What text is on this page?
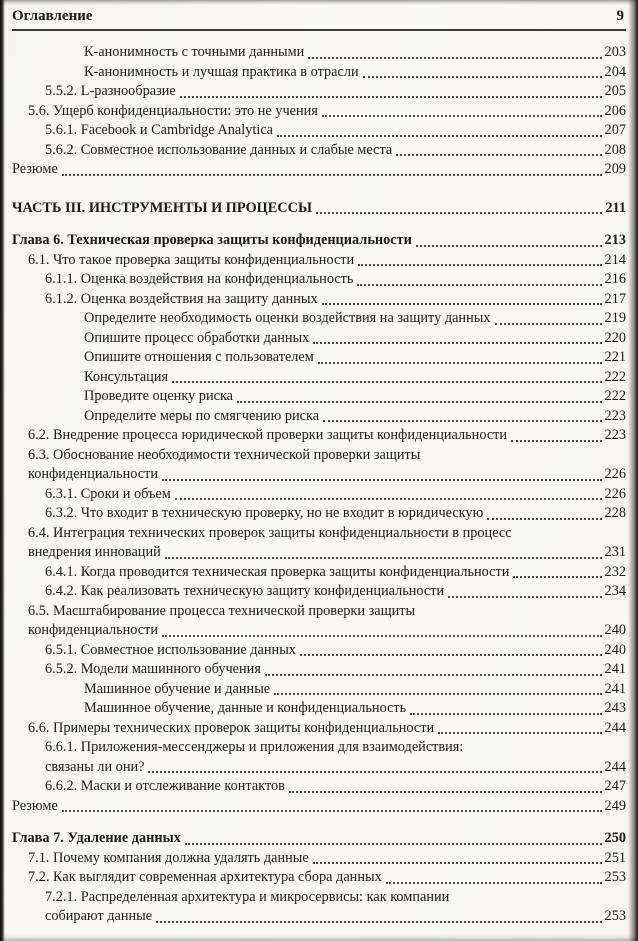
Оглавление	9
К-анонимность с точными данными	203
К-анонимность и лучшая практика в отрасли	204
5.5.2. L-разнообразие	205
5.6. Ущерб конфиденциальности: это не учения	206
5.6.1. Facebook и Cambridge Analytica	207
5.6.2. Совместное использование данных и слабые места	208
Резюме	209
ЧАСТЬ III. ИНСТРУМЕНТЫ И ПРОЦЕССЫ	211
Глава 6. Техническая проверка защиты конфиденциальности	213
6.1. Что такое проверка защиты конфиденциальности	214
6.1.1. Оценка воздействия на конфиденциальность	216
6.1.2. Оценка воздействия на защиту данных	217
Определите необходимость оценки воздействия на защиту данных	219
Опишите процесс обработки данных	220
Опишите отношения с пользователем	221
Консультация	222
Проведите оценку риска	222
Определите меры по смягчению риска	223
6.2. Внедрение процесса юридической проверки защиты конфиденциальности	223
6.3. Обоснование необходимости технической проверки защиты
конфиденциальности	226
6.3.1. Сроки и объем	226
6.3.2. Что входит в техническую проверку, но не входит в юридическую	228
6.4. Интеграция технических проверок защиты конфиденциальности в процесс
внедрения инноваций	231
6.4.1. Когда проводится техническая проверка защиты конфиденциальности	232
6.4.2. Как реализовать техническую защиту конфиденциальности	234
6.5. Масштабирование процесса технической проверки защиты
конфиденциальности	240
6.5.1. Совместное использование данных	240
6.5.2. Модели машинного обучения	241
Машинное обучение и данные	241
Машинное обучение, данные и конфиденциальность	243
6.6. Примеры технических проверок защиты конфиденциальности	244
6.6.1. Приложения-мессенджеры и приложения для взаимодействия:
связаны ли они?	244
6.6.2. Маски и отслеживание контактов	247
Резюме	249
Глава 7. Удаление данных	250
7.1. Почему компания должна удалять данные	251
7.2. Как выглядит современная архитектура сбора данных	253
7.2.1. Распределенная архитектура и микросервисы: как компании
собирают данные	253
